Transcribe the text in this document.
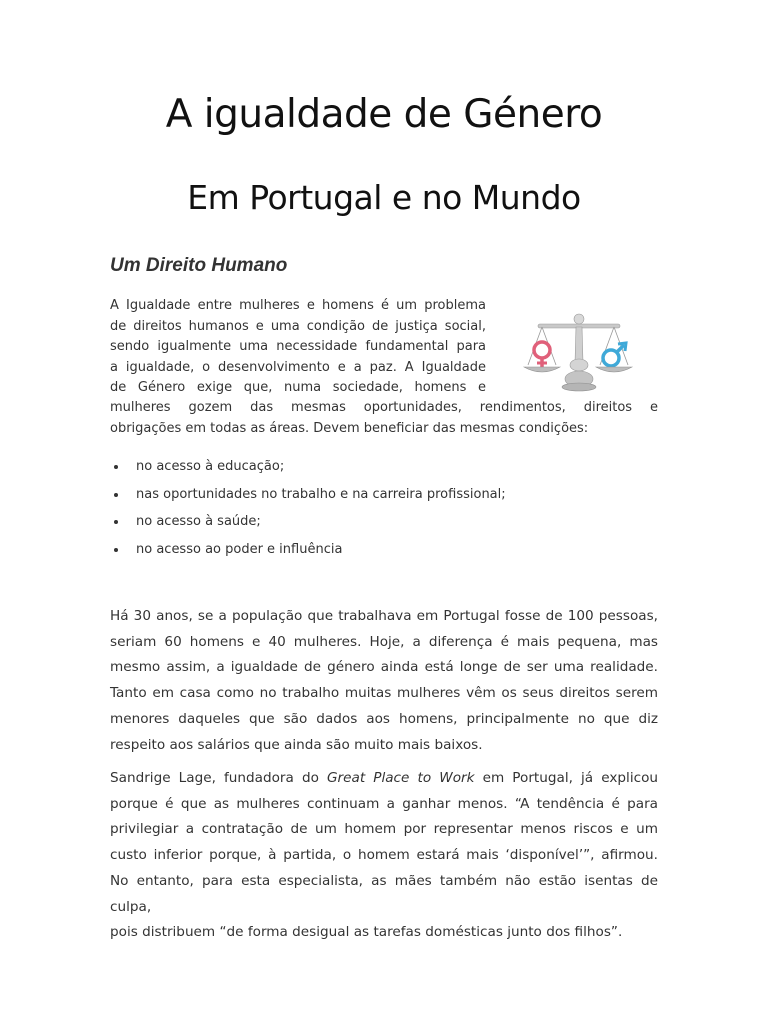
A igualdade de Género
Em Portugal e no Mundo
Um Direito Humano
A Igualdade entre mulheres e homens é um problema
de direitos humanos e uma condição de justiça social,
sendo igualmente uma necessidade fundamental para
a igualdade, o desenvolvimento e a paz. A Igualdade
de Género exige que, numa sociedade, homens e
mulheres gozem das mesmas oportunidades, rendimentos, direitos e
obrigações em todas as áreas. Devem beneficiar das mesmas condições:
no acesso à educação;
nas oportunidades no trabalho e na carreira profissional;
no acesso à saúde;
no acesso ao poder e influência
Há 30 anos, se a população que trabalhava em Portugal fosse de 100 pessoas,
seriam 60 homens e 40 mulheres. Hoje, a diferença é mais pequena, mas
mesmo assim, a igualdade de género ainda está longe de ser uma realidade.
Tanto em casa como no trabalho muitas mulheres vêm os seus direitos serem
menores daqueles que são dados aos homens, principalmente no que diz
respeito aos salários que ainda são muito mais baixos.
Sandrige Lage, fundadora do Great Place to Work em Portugal, já explicou
porque é que as mulheres continuam a ganhar menos. “A tendência é para
privilegiar a contratação de um homem por representar menos riscos e um
custo inferior porque, à partida, o homem estará mais ‘disponível’”, afirmou.
No entanto, para esta especialista, as mães também não estão isentas de culpa,
pois distribuem “de forma desigual as tarefas domésticas junto dos filhos”.
